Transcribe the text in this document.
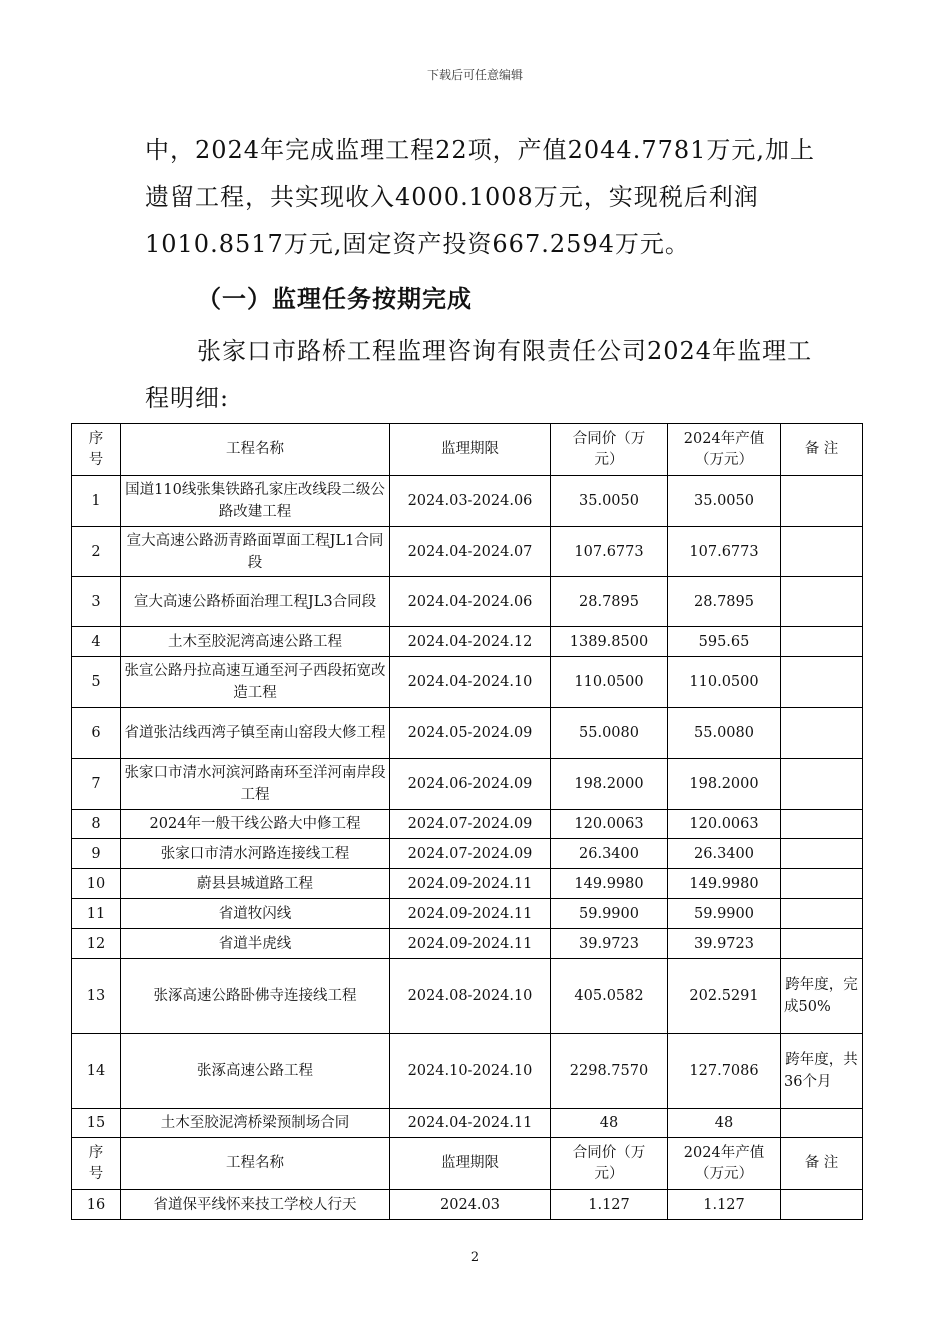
下载后可任意编辑

中，2024年完成监理工程22项，产值2044.7781万元,加上遗留工程，共实现收入4000.1008万元，实现税后利润1010.8517万元,固定资产投资667.2594万元。

（一）监理任务按期完成

张家口市路桥工程监理咨询有限责任公司2024年监理工程明细:

序号	工程名称	监理期限	合同价（万元）	2024年产值（万元）	备 注
1	国道110线张集铁路孔家庄改线段二级公路改建工程	2024.03-2024.06	35.0050	35.0050	
2	宣大高速公路沥青路面罩面工程JL1合同段	2024.04-2024.07	107.6773	107.6773	
3	宣大高速公路桥面治理工程JL3合同段	2024.04-2024.06	28.7895	28.7895	
4	土木至胶泥湾高速公路工程	2024.04-2024.12	1389.8500	595.65	
5	张宣公路丹拉高速互通至河子西段拓宽改造工程	2024.04-2024.10	110.0500	110.0500	
6	省道张沽线西湾子镇至南山窑段大修工程	2024.05-2024.09	55.0080	55.0080	
7	张家口市清水河滨河路南环至洋河南岸段工程	2024.06-2024.09	198.2000	198.2000	
8	2024年一般干线公路大中修工程	2024.07-2024.09	120.0063	120.0063	
9	张家口市清水河路连接线工程	2024.07-2024.09	26.3400	26.3400	
10	蔚县县城道路工程	2024.09-2024.11	149.9980	149.9980	
11	省道牧闪线	2024.09-2024.11	59.9900	59.9900	
12	省道半虎线	2024.09-2024.11	39.9723	39.9723	
13	张涿高速公路卧佛寺连接线工程	2024.08-2024.10	405.0582	202.5291	跨年度，完成50%
14	张涿高速公路工程	2024.10-2024.10	2298.7570	127.7086	跨年度，共36个月
15	土木至胶泥湾桥梁预制场合同	2024.04-2024.11	48	48	
序号	工程名称	监理期限	合同价（万元）	2024年产值（万元）	备 注
16	省道保平线怀来技工学校人行天	2024.03	1.127	1.127	
2
